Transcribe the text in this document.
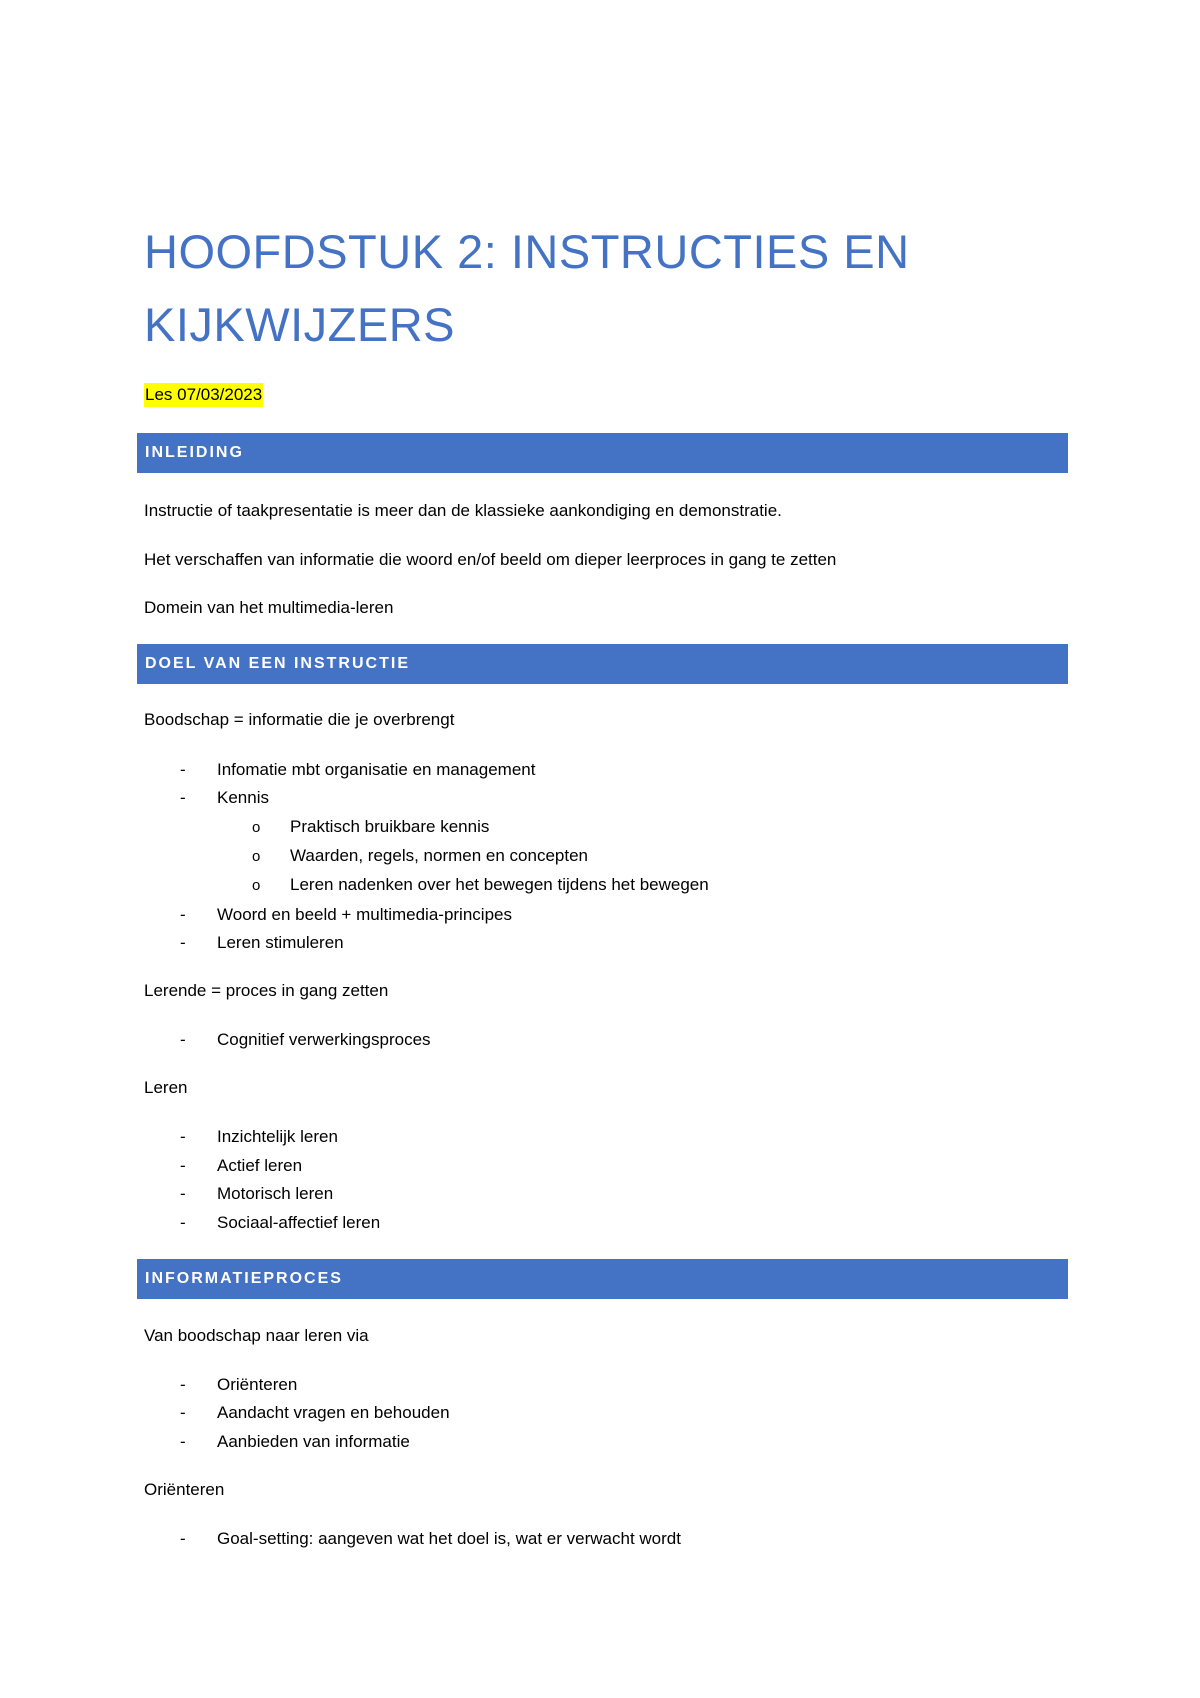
HOOFDSTUK 2: INSTRUCTIES EN KIJKWIJZERS
Les 07/03/2023
INLEIDING
Instructie of taakpresentatie is meer dan de klassieke aankondiging en demonstratie.
Het verschaffen van informatie die woord en/of beeld om dieper leerproces in gang te zetten
Domein van het multimedia-leren
DOEL VAN EEN INSTRUCTIE
Boodschap = informatie die je overbrengt
- Infomatie mbt organisatie en management
- Kennis
o Praktisch bruikbare kennis
o Waarden, regels, normen en concepten
o Leren nadenken over het bewegen tijdens het bewegen
- Woord en beeld + multimedia-principes
- Leren stimuleren
Lerende = proces in gang zetten
- Cognitief verwerkingsproces
Leren
- Inzichtelijk leren
- Actief leren
- Motorisch leren
- Sociaal-affectief leren
INFORMATIEPROCES
Van boodschap naar leren via
- Oriënteren
- Aandacht vragen en behouden
- Aanbieden van informatie
Oriënteren
- Goal-setting: aangeven wat het doel is, wat er verwacht wordt
